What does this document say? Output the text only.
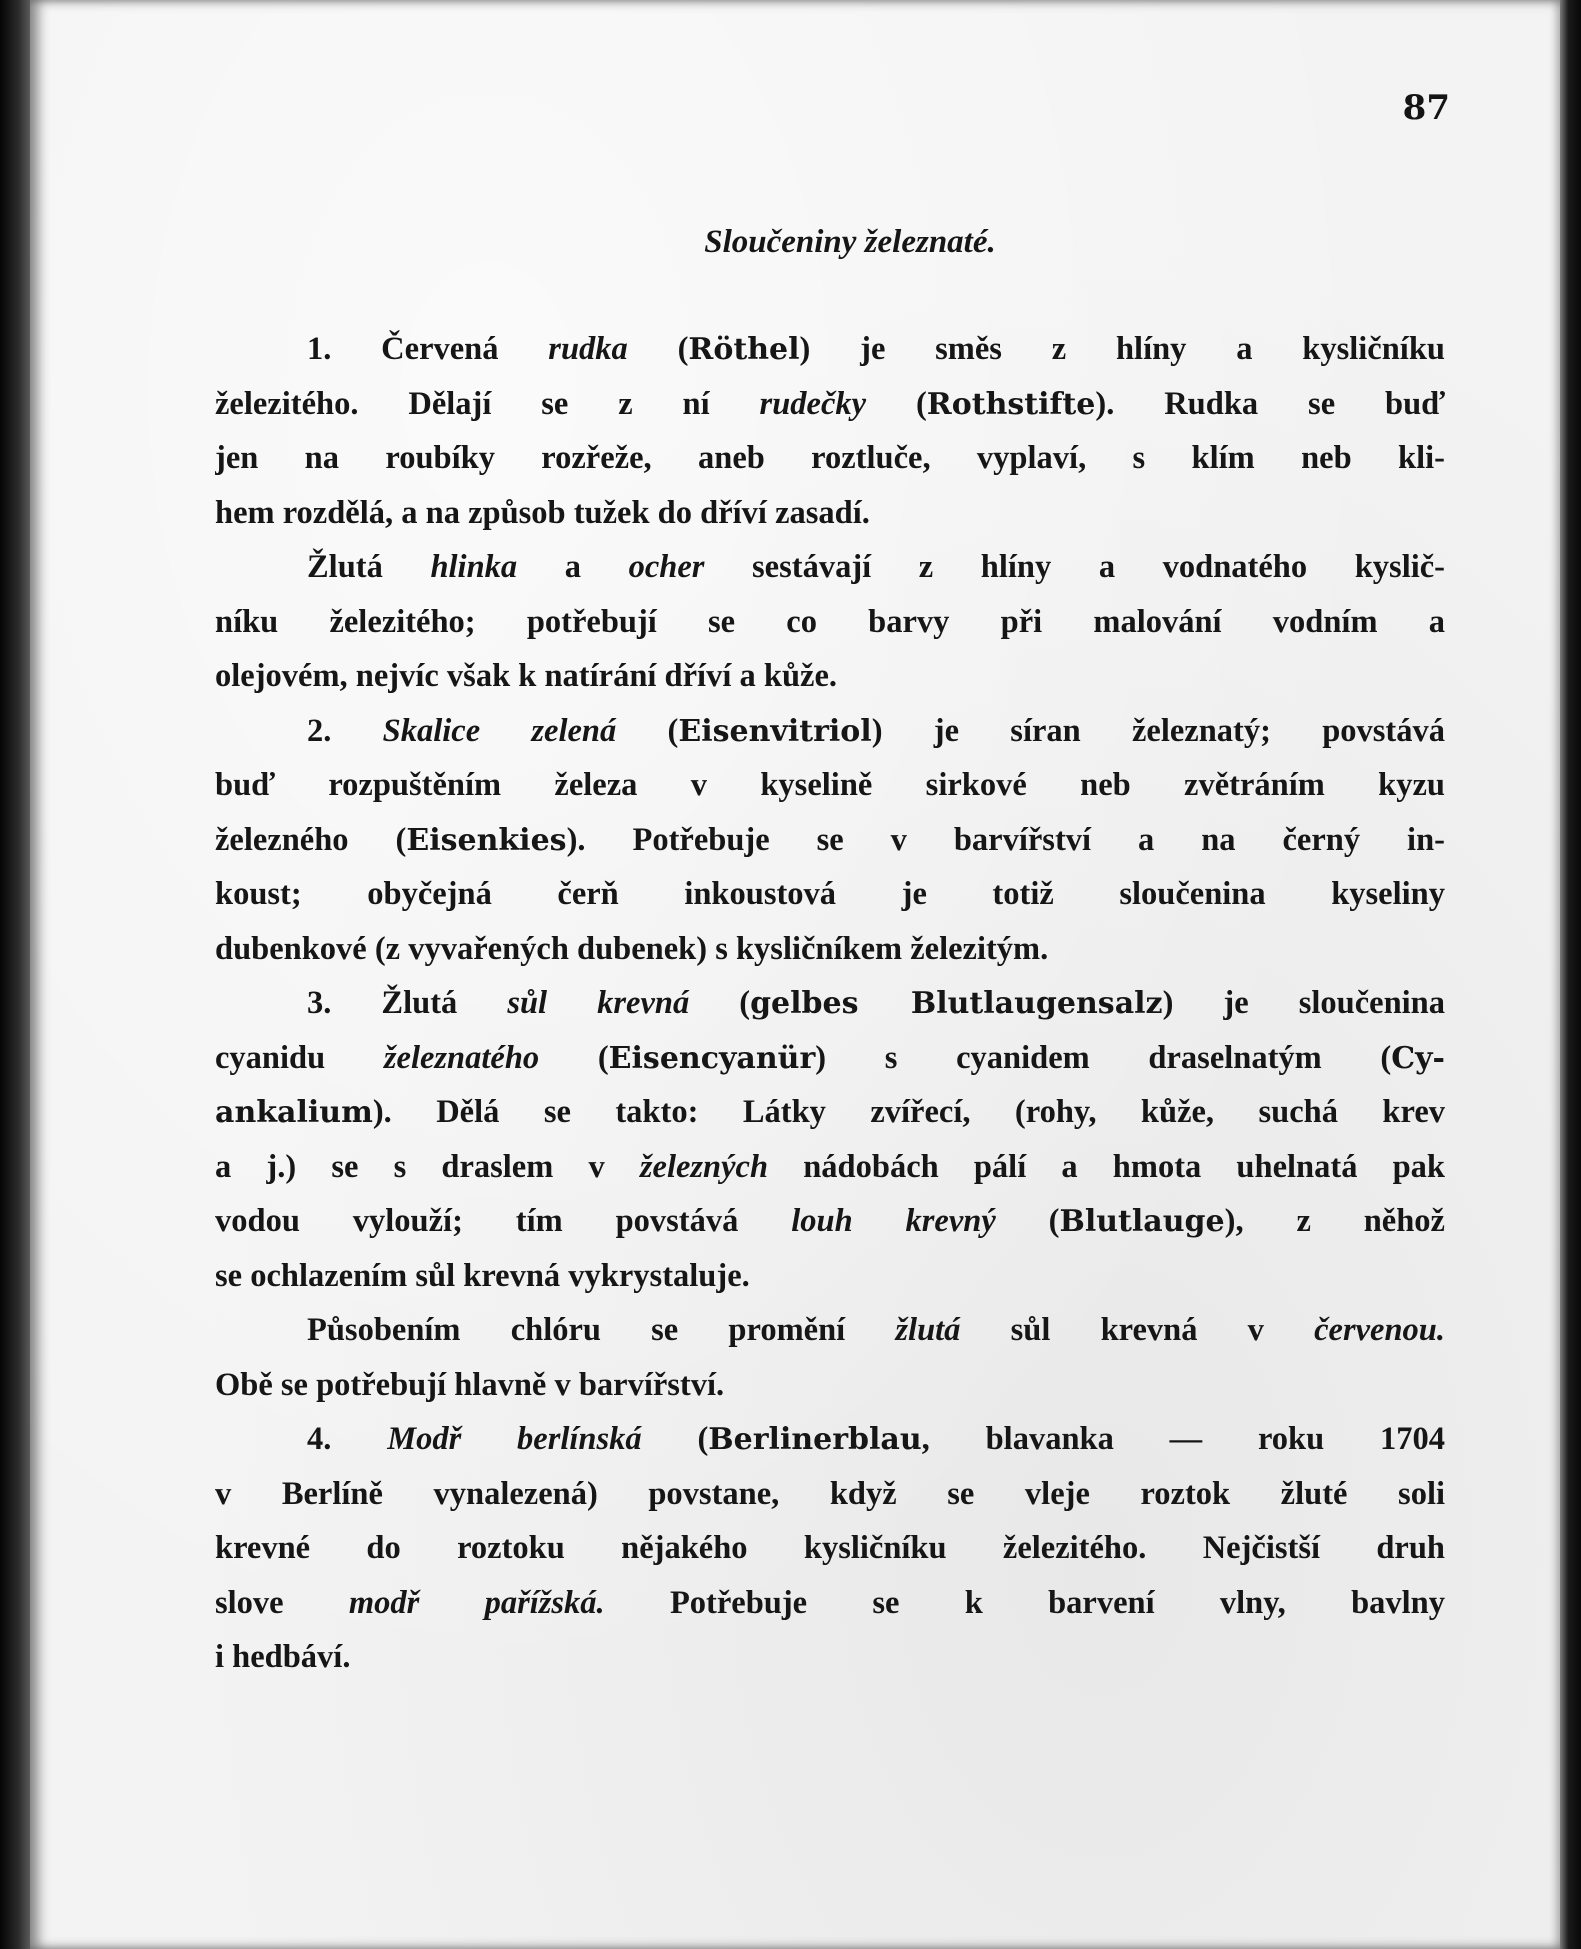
87
Sloučeniny železnaté.
1. Červená rudka (Röthel) je směs z hlíny a kysličníku
železitého. Dělají se z ní rudečky (Rothstifte). Rudka se buď
jen na roubíky rozřeže, aneb roztluče, vyplaví, s klím neb kli-
hem rozdělá, a na způsob tužek do dříví zasadí.
Žlutá hlinka a ocher sestávají z hlíny a vodnatého kyslič-
níku železitého; potřebují se co barvy při malování vodním a
olejovém, nejvíc však k natírání dříví a kůže.
2. Skalice zelená (Eisenvitriol) je síran železnatý; povstává
buď rozpuštěním železa v kyselině sirkové neb zvětráním kyzu
železného (Eisenkies). Potřebuje se v barvířství a na černý in-
koust; obyčejná čerň inkoustová je totiž sloučenina kyseliny
dubenkové (z vyvařených dubenek) s kysličníkem železitým.
3. Žlutá sůl krevná (gelbes Blutlaugensalz) je sloučenina
cyanidu železnatého (Eisencyanür) s cyanidem draselnatým (Cy-
ankalium). Dělá se takto: Látky zvířecí, (rohy, kůže, suchá krev
a j.) se s draslem v železných nádobách pálí a hmota uhelnatá pak
vodou vylouží; tím povstává louh krevný (Blutlauge), z něhož
se ochlazením sůl krevná vykrystaluje.
Působením chlóru se promění žlutá sůl krevná v červenou.
Obě se potřebují hlavně v barvířství.
4. Modř berlínská (Berlinerblau, blavanka — roku 1704
v Berlíně vynalezená) povstane, když se vleje roztok žluté soli
krevné do roztoku nějakého kysličníku železitého. Nejčistší druh
slove modř pařížská. Potřebuje se k barvení vlny, bavlny
i hedbáví.
